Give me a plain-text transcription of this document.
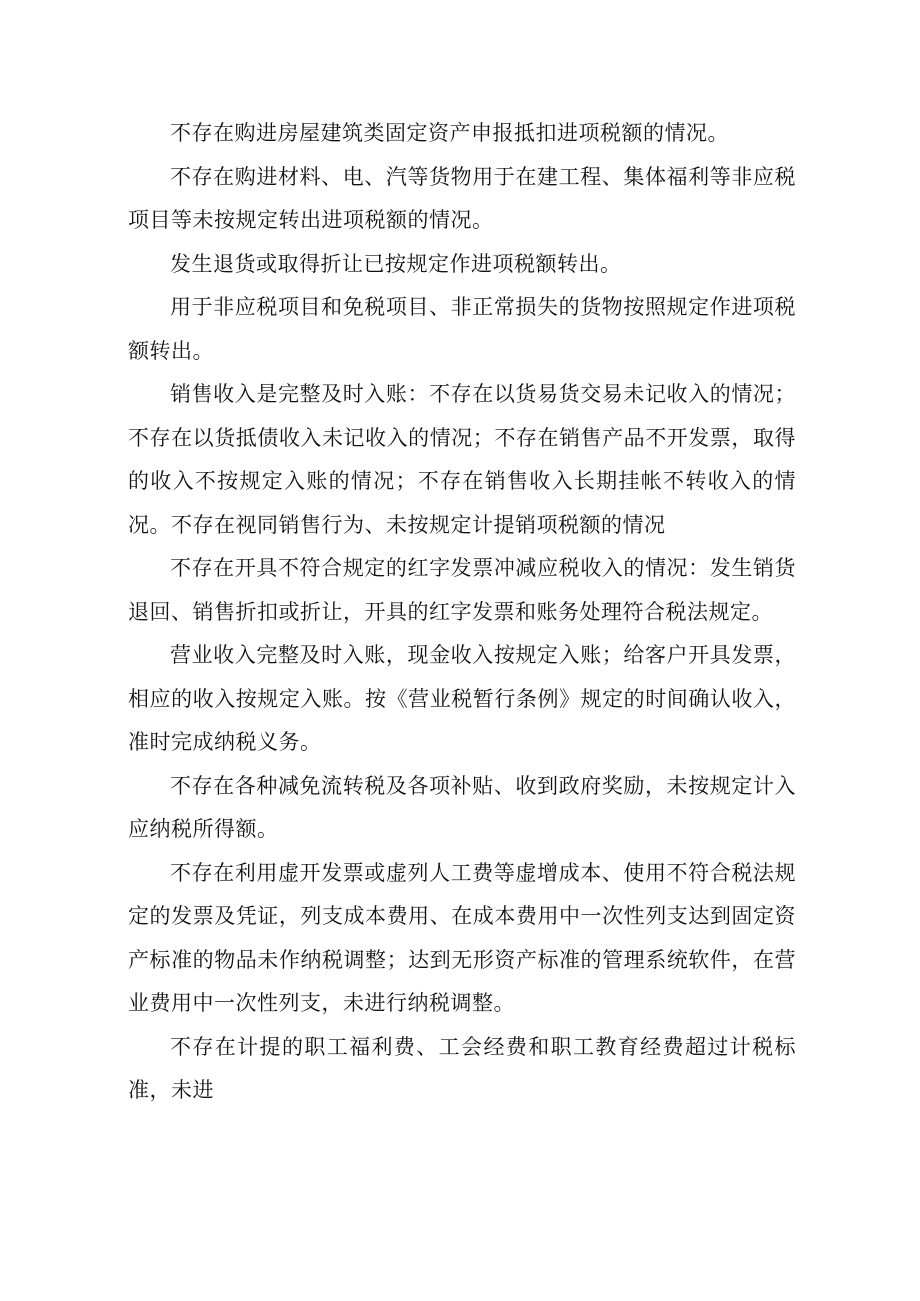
不存在购进房屋建筑类固定资产申报抵扣进项税额的情况。

不存在购进材料、电、汽等货物用于在建工程、集体福利等非应税项目等未按规定转出进项税额的情况。

发生退货或取得折让已按规定作进项税额转出。

用于非应税项目和免税项目、非正常损失的货物按照规定作进项税额转出。

销售收入是完整及时入账：不存在以货易货交易未记收入的情况；不存在以货抵债收入未记收入的情况；不存在销售产品不开发票，取得的收入不按规定入账的情况；不存在销售收入长期挂帐不转收入的情况。不存在视同销售行为、未按规定计提销项税额的情况

不存在开具不符合规定的红字发票冲减应税收入的情况：发生销货退回、销售折扣或折让，开具的红字发票和账务处理符合税法规定。

营业收入完整及时入账，现金收入按规定入账；给客户开具发票，相应的收入按规定入账。按《营业税暂行条例》规定的时间确认收入，准时完成纳税义务。

不存在各种减免流转税及各项补贴、收到政府奖励，未按规定计入应纳税所得额。

不存在利用虚开发票或虚列人工费等虚增成本、使用不符合税法规定的发票及凭证，列支成本费用、在成本费用中一次性列支达到固定资产标准的物品未作纳税调整；达到无形资产标准的管理系统软件，在营业费用中一次性列支，未进行纳税调整。

不存在计提的职工福利费、工会经费和职工教育经费超过计税标准，未进
